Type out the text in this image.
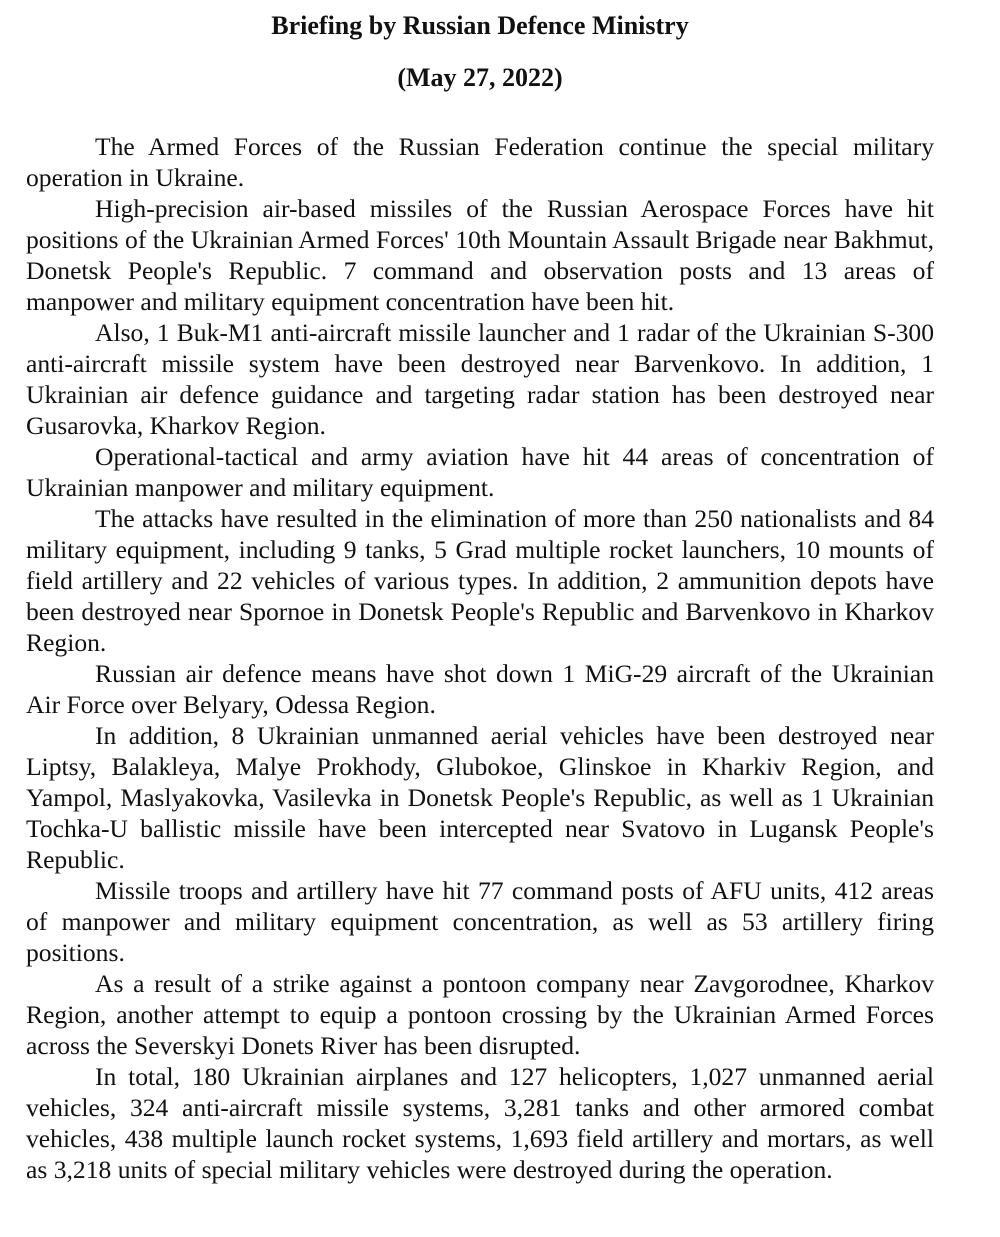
Briefing by Russian Defence Ministry
(May 27, 2022)

The Armed Forces of the Russian Federation continue the special military operation in Ukraine.

High-precision air-based missiles of the Russian Aerospace Forces have hit positions of the Ukrainian Armed Forces' 10th Mountain Assault Brigade near Bakhmut, Donetsk People's Republic. 7 command and observation posts and 13 areas of manpower and military equipment concentration have been hit.

Also, 1 Buk-M1 anti-aircraft missile launcher and 1 radar of the Ukrainian S-300 anti-aircraft missile system have been destroyed near Barvenkovo. In addition, 1 Ukrainian air defence guidance and targeting radar station has been destroyed near Gusarovka, Kharkov Region.

Operational-tactical and army aviation have hit 44 areas of concentration of Ukrainian manpower and military equipment.

The attacks have resulted in the elimination of more than 250 nationalists and 84 military equipment, including 9 tanks, 5 Grad multiple rocket launchers, 10 mounts of field artillery and 22 vehicles of various types. In addition, 2 ammunition depots have been destroyed near Spornoe in Donetsk People's Republic and Barvenkovo in Kharkov Region.

Russian air defence means have shot down 1 MiG-29 aircraft of the Ukrainian Air Force over Belyary, Odessa Region.

In addition, 8 Ukrainian unmanned aerial vehicles have been destroyed near Liptsy, Balakleya, Malye Prokhody, Glubokoe, Glinskoe in Kharkiv Region, and Yampol, Maslyakovka, Vasilevka in Donetsk People's Republic, as well as 1 Ukrainian Tochka-U ballistic missile have been intercepted near Svatovo in Lugansk People's Republic.

Missile troops and artillery have hit 77 command posts of AFU units, 412 areas of manpower and military equipment concentration, as well as 53 artillery firing positions.

As a result of a strike against a pontoon company near Zavgorodnee, Kharkov Region, another attempt to equip a pontoon crossing by the Ukrainian Armed Forces across the Severskyi Donets River has been disrupted.

In total, 180 Ukrainian airplanes and 127 helicopters, 1,027 unmanned aerial vehicles, 324 anti-aircraft missile systems, 3,281 tanks and other armored combat vehicles, 438 multiple launch rocket systems, 1,693 field artillery and mortars, as well as 3,218 units of special military vehicles were destroyed during the operation.
